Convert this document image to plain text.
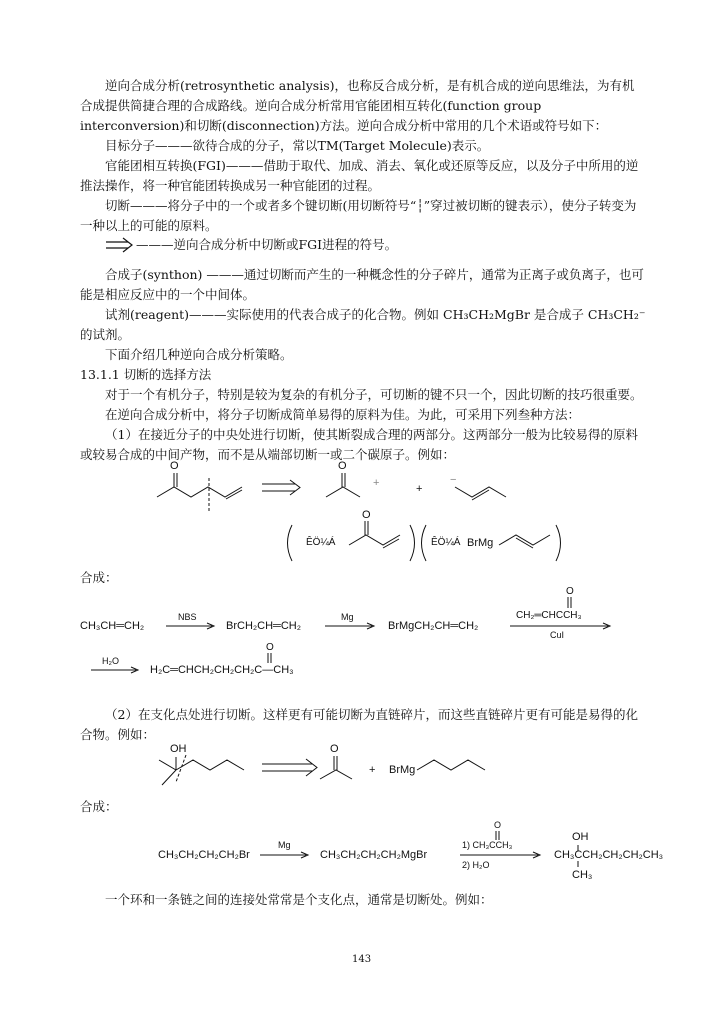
逆向合成分析(retrosynthetic analysis)，也称反合成分析，是有机合成的逆向思维法，为有机合成提供简捷合理的合成路线。逆向合成分析常用官能团相互转化(function group interconversion)和切断(disconnection)方法。逆向合成分析中常用的几个术语或符号如下：

目标分子———欲待合成的分子，常以TM(Target Molecule)表示。

官能团相互转换(FGI)———借助于取代、加成、消去、氧化或还原等反应，以及分子中所用的逆推法操作，将一种官能团转换成另一种官能团的过程。

切断———将分子中的一个或者多个键切断(用切断符号“┆”穿过被切断的键表示），使分子转变为一种以上的可能的原料。

———逆向合成分析中切断或FGI进程的符号。

合成子(synthon) ———通过切断而产生的一种概念性的分子碎片，通常为正离子或负离子，也可能是相应反应中的一个中间体。

试剂(reagent)———实际使用的代表合成子的化合物。例如 CH₃CH₂MgBr 是合成子 CH₃CH₂⁻的试剂。

下面介绍几种逆向合成分析策略。

13.1.1 切断的选择方法

对于一个有机分子，特别是较为复杂的有机分子，可切断的键不只一个，因此切断的技巧很重要。

在逆向合成分析中，将分子切断成简单易得的原料为佳。为此，可采用下列叁种方法：

（1）在接近分子的中央处进行切断，使其断裂成合理的两部分。这两部分一般为比较易得的原料或较易合成的中间产物，而不是从端部切断一或二个碳原子。例如：

O	O
+	+
−
ÊÖ¼Á
O
ÊÖ¼Á BrMg
合成：
CH₃CH═CH₂
NBS
BrCH₂CH═CH₂
Mg
BrMgCH₂CH═CH₂
O
CH₂═CHCCH₃
CuI
H₂O
O
H₂C═CHCH₂CH₂CH₂C—CH₃

（2）在支化点处进行切断。这样更有可能切断为直链碎片，而这些直链碎片更有可能是易得的化合物。例如：

OH	O
+ BrMg
合成：
CH₃CH₂CH₂CH₂Br
Mg
CH₃CH₂CH₂CH₂MgBr
O
1) CH₃CCH₃
2) H₂O
OH
CH₃CCH₂CH₂CH₂CH₃
CH₃

一个环和一条链之间的连接处常常是个支化点，通常是切断处。例如：

143
